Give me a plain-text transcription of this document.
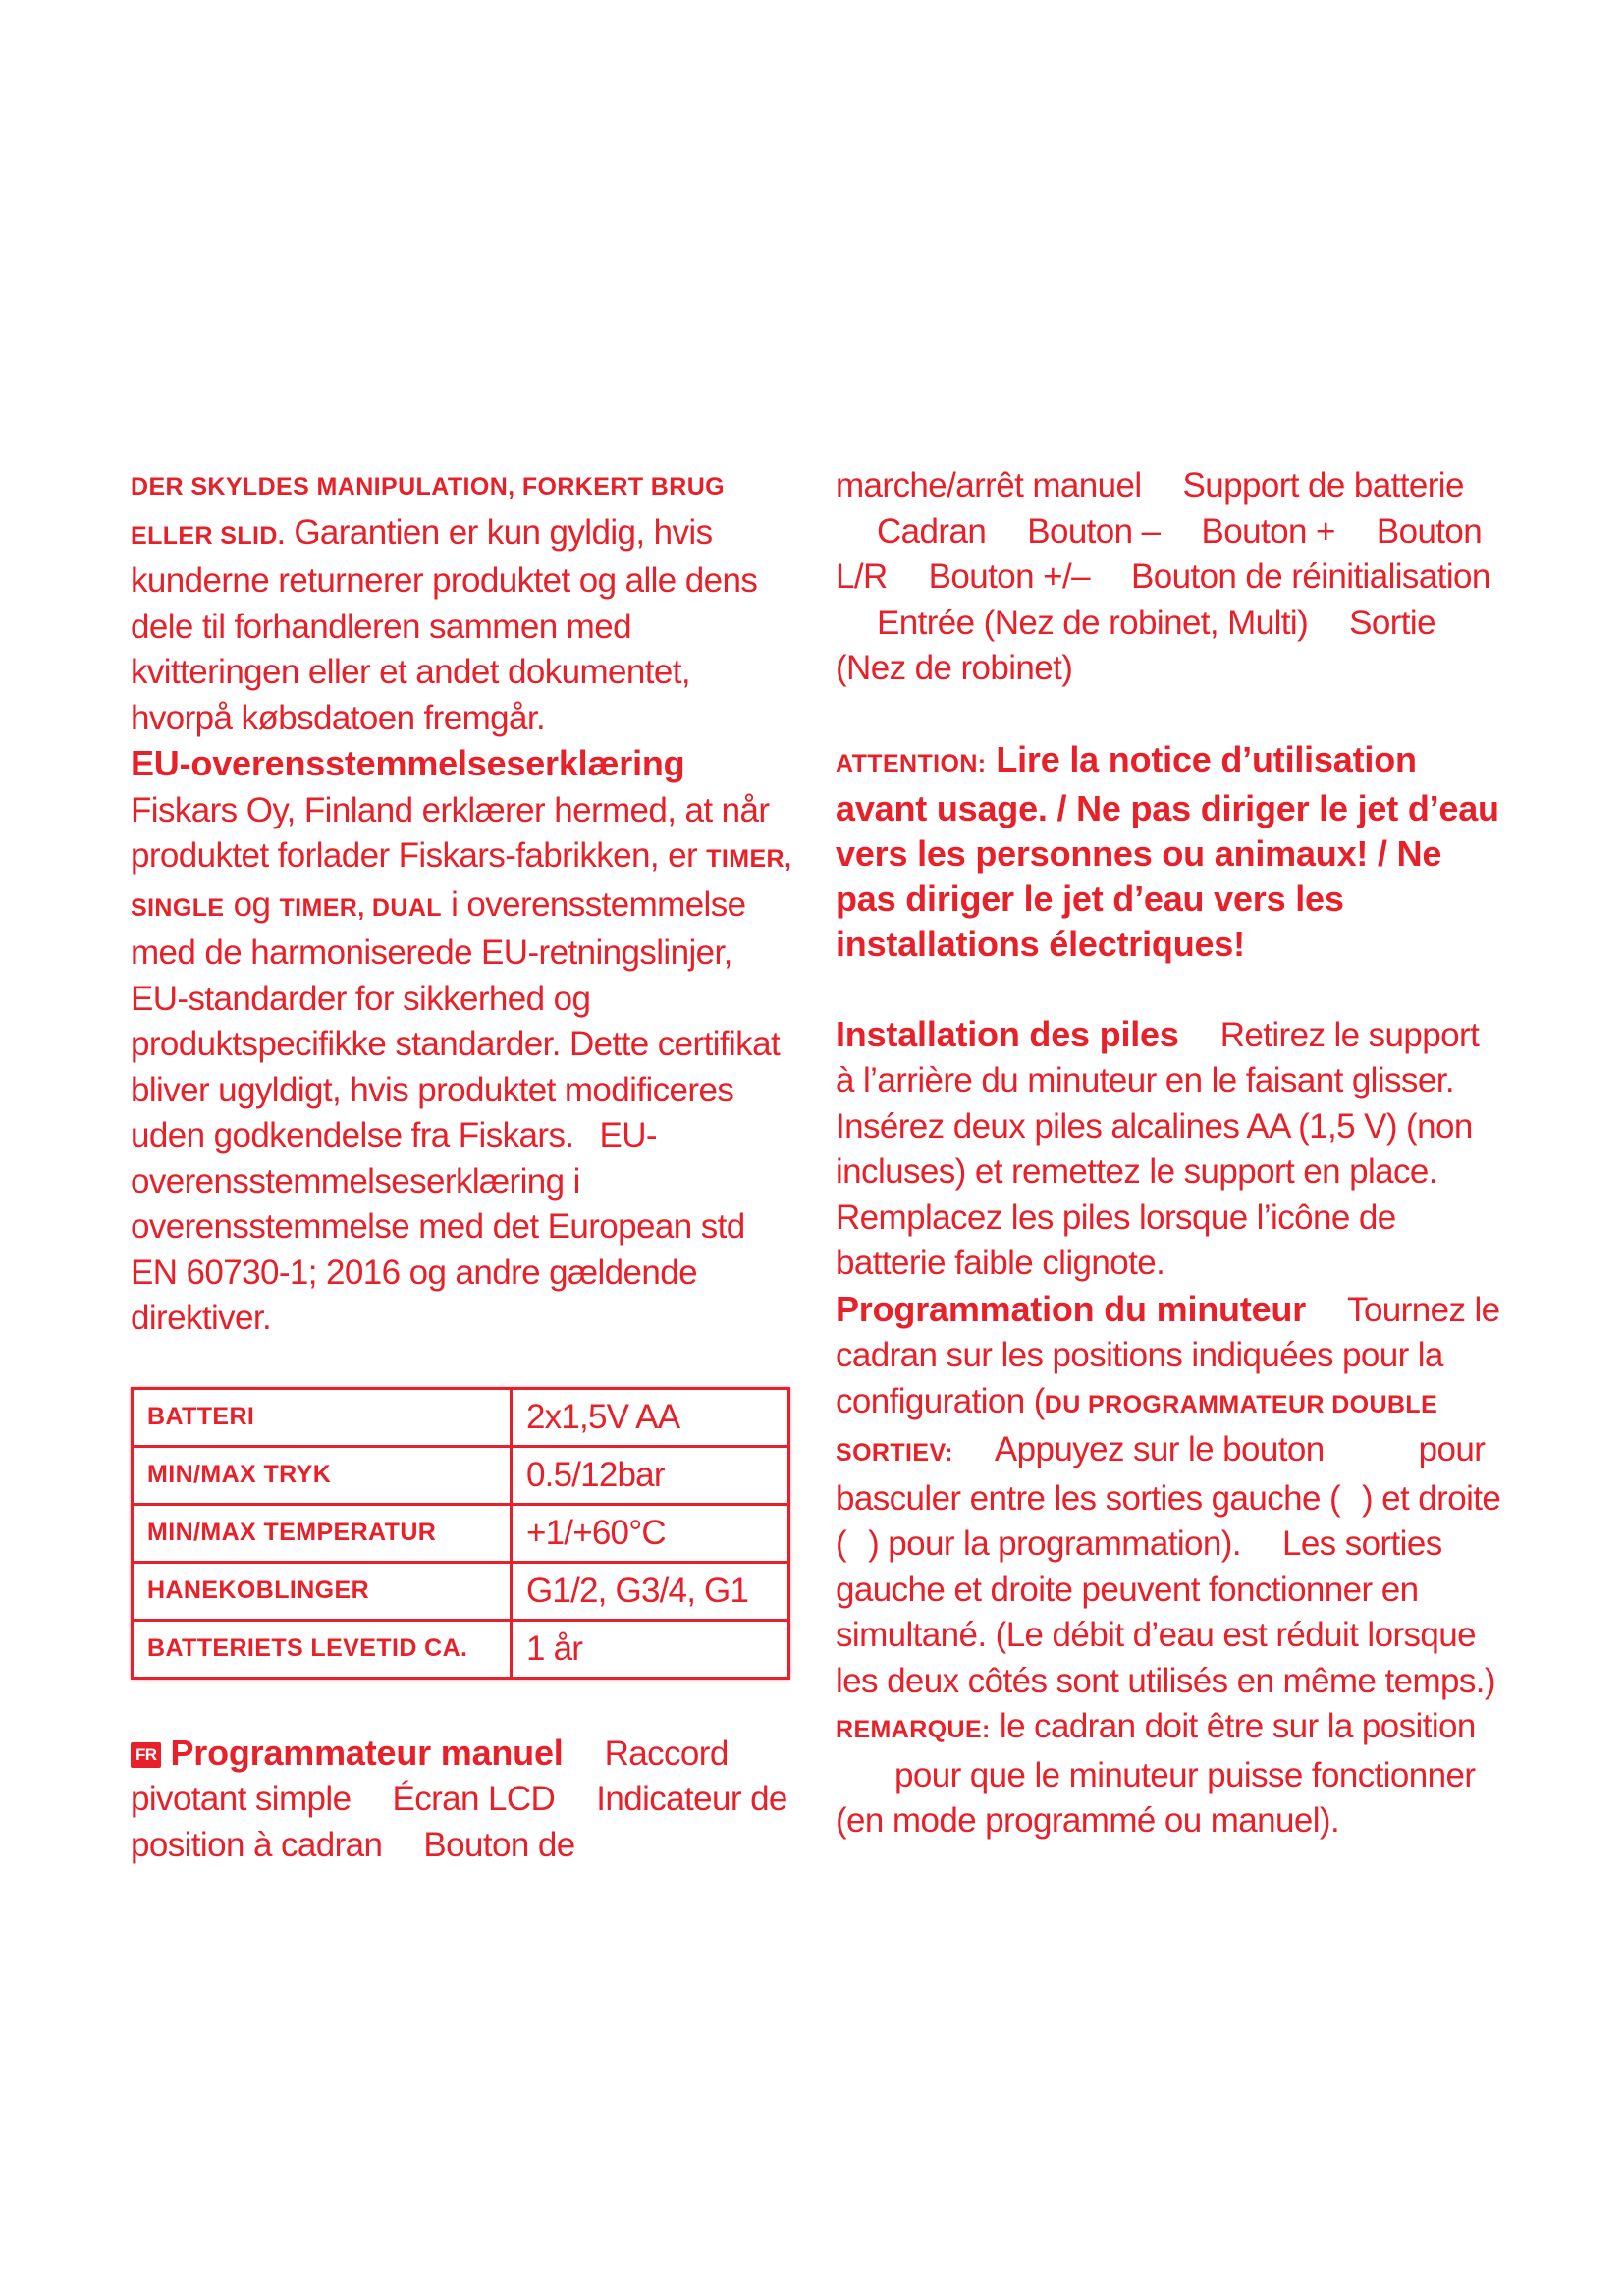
DER SKYLDES MANIPULATION, FORKERT BRUG ELLER SLID. Garantien er kun gyldig, hvis kunderne returnerer produktet og alle dens dele til forhandleren sammen med kvitteringen eller et andet dokumentet, hvorpå købsdatoen fremgår.

EU-overensstemmelseserklæring
Fiskars Oy, Finland erklærer hermed, at når produktet forlader Fiskars-fabrikken, er TIMER, SINGLE og TIMER, DUAL i overensstemmelse med de harmoniserede EU-retningslinjer, EU-standarder for sikkerhed og produktspecifikke standarder. Dette certifikat bliver ugyldigt, hvis produktet modificeres uden godkendelse fra Fiskars. EU-overensstemmelseserklæring i overensstemmelse med det European std EN 60730-1; 2016 og andre gældende direktiver.

BATTERI	2x1,5V AA
MIN/MAX TRYK	0.5/12bar
MIN/MAX TEMPERATUR	+1/+60°C
HANEKOBLINGER	G1/2, G3/4, G1
BATTERIETS LEVETID CA.	1 år

FR Programmateur manuel Raccord pivotant simple Écran LCD Indicateur de position à cadran Bouton de

marche/arrêt manuel Support de batterieCadran Bouton – Bouton + Bouton L/R Bouton +/– Bouton de réinitialisationEntrée (Nez de robinet, Multi) Sortie (Nez de robinet)

ATTENTION: Lire la notice d’utilisation avant usage. / Ne pas diriger le jet d’eau vers les personnes ou animaux! / Ne pas diriger le jet d’eau vers les installations électriques!

Installation des piles Retirez le support à l’arrière du minuteur en le faisant glisser.Insérez deux piles alcalines AA (1,5 V) (non incluses) et remettez le support en place.Remplacez les piles lorsque l’icône de batterie faible clignote.

Programmation du minuteur Tournez le cadran sur les positions indiquées pour la configuration (DU PROGRAMMATEUR DOUBLE SORTIEV: Appuyez sur le bouton	pour basculer entre les sorties gauche ( ) et droite ( ) pour la programmation). Les sorties gauche et droite peuvent fonctionner en simultané. (Le débit d’eau est réduit lorsque les deux côtés sont utilisés en même temps.) REMARQUE: le cadran doit être sur la positionpour que le minuteur puisse fonctionner (en mode programmé ou manuel).
